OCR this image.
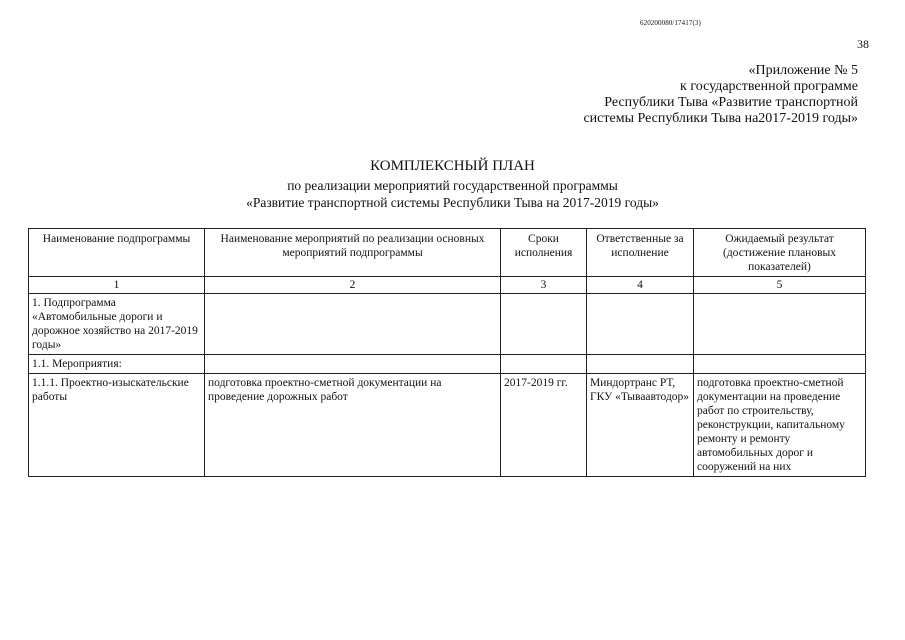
620200080/17417(3)
38
«Приложение № 5
к государственной программе
Республики Тыва «Развитие транспортной
системы Республики Тыва на2017-2019 годы»
КОМПЛЕКСНЫЙ ПЛАН
по реализации мероприятий государственной программы
«Развитие транспортной системы Республики Тыва на 2017-2019 годы»
Наименование подпрограммы	Наименование мероприятий по реализации основных мероприятий подпрограммы	Сроки исполнения	Ответственные за исполнение	Ожидаемый результат (достижение плановых показателей)
1	2	3	4	5
1. Подпрограмма «Автомобильные дороги и дорожное хозяйство на 2017-2019 годы»				
1.1. Мероприятия:				
1.1.1. Проектно-изыскательские работы	подготовка проектно-сметной документации на проведение дорожных работ	2017-2019 гг.	Миндортранс РТ, ГКУ «Тываавтодор»	подготовка проектно-сметной документации на проведение работ по строительству, реконструкции, капитальному ремонту и ремонту автомобильных дорог и сооружений на них
